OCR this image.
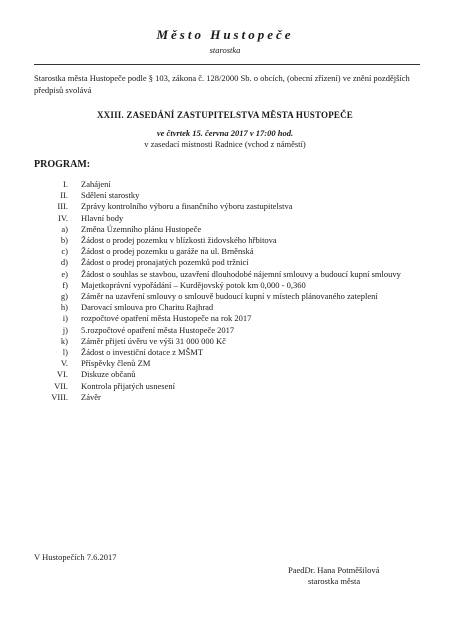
Město Hustopeče
starostka
Starostka města Hustopeče podle § 103, zákona č. 128/2000 Sb. o obcích, (obecní zřízení) ve znění pozdějších předpisů svolává
XXIII. ZASEDÁNÍ ZASTUPITELSTVA MĚSTA HUSTOPEČE
ve čtvrtek 15. června 2017 v 17:00 hod.
v zasedací místnosti Radnice (vchod z náměstí)
PROGRAM:
I.	Zahájení
II.	Sdělení starostky
III.	Zprávy kontrolního výboru a finančního výboru zastupitelstva
IV.	Hlavní body
a)	Změna Územního plánu Hustopeče
b)	Žádost o prodej pozemku v blízkosti židovského hřbitova
c)	Žádost o prodej pozemku u garáže na ul. Brněnská
d)	Žádost o prodej pronajatých pozemků pod tržnicí
e)	Žádost o souhlas se stavbou, uzavření dlouhodobé nájemní smlouvy a budoucí kupní smlouvy
f)	Majetkoprávní vypořádání – Kurdějovský potok km 0,000 - 0,360
g)	Záměr na uzavření smlouvy o smlouvě budoucí kupní v místech plánovaného zateplení
h)	Darovací smlouva pro Charitu Rajhrad
i)	rozpočtové opatření města Hustopeče na rok 2017
j)	5.rozpočtové opatření města Hustopeče 2017
k)	Záměr přijetí úvěru ve výši 31 000 000 Kč
l)	Žádost o investiční dotace z MŠMT
V.	Příspěvky členů ZM
VI.	Diskuze občanů
VII.	Kontrola přijatých usnesení
VIII.	Závěr
V Hustopečích 7.6.2017
PaedDr. Hana Potměšilová
starostka města
